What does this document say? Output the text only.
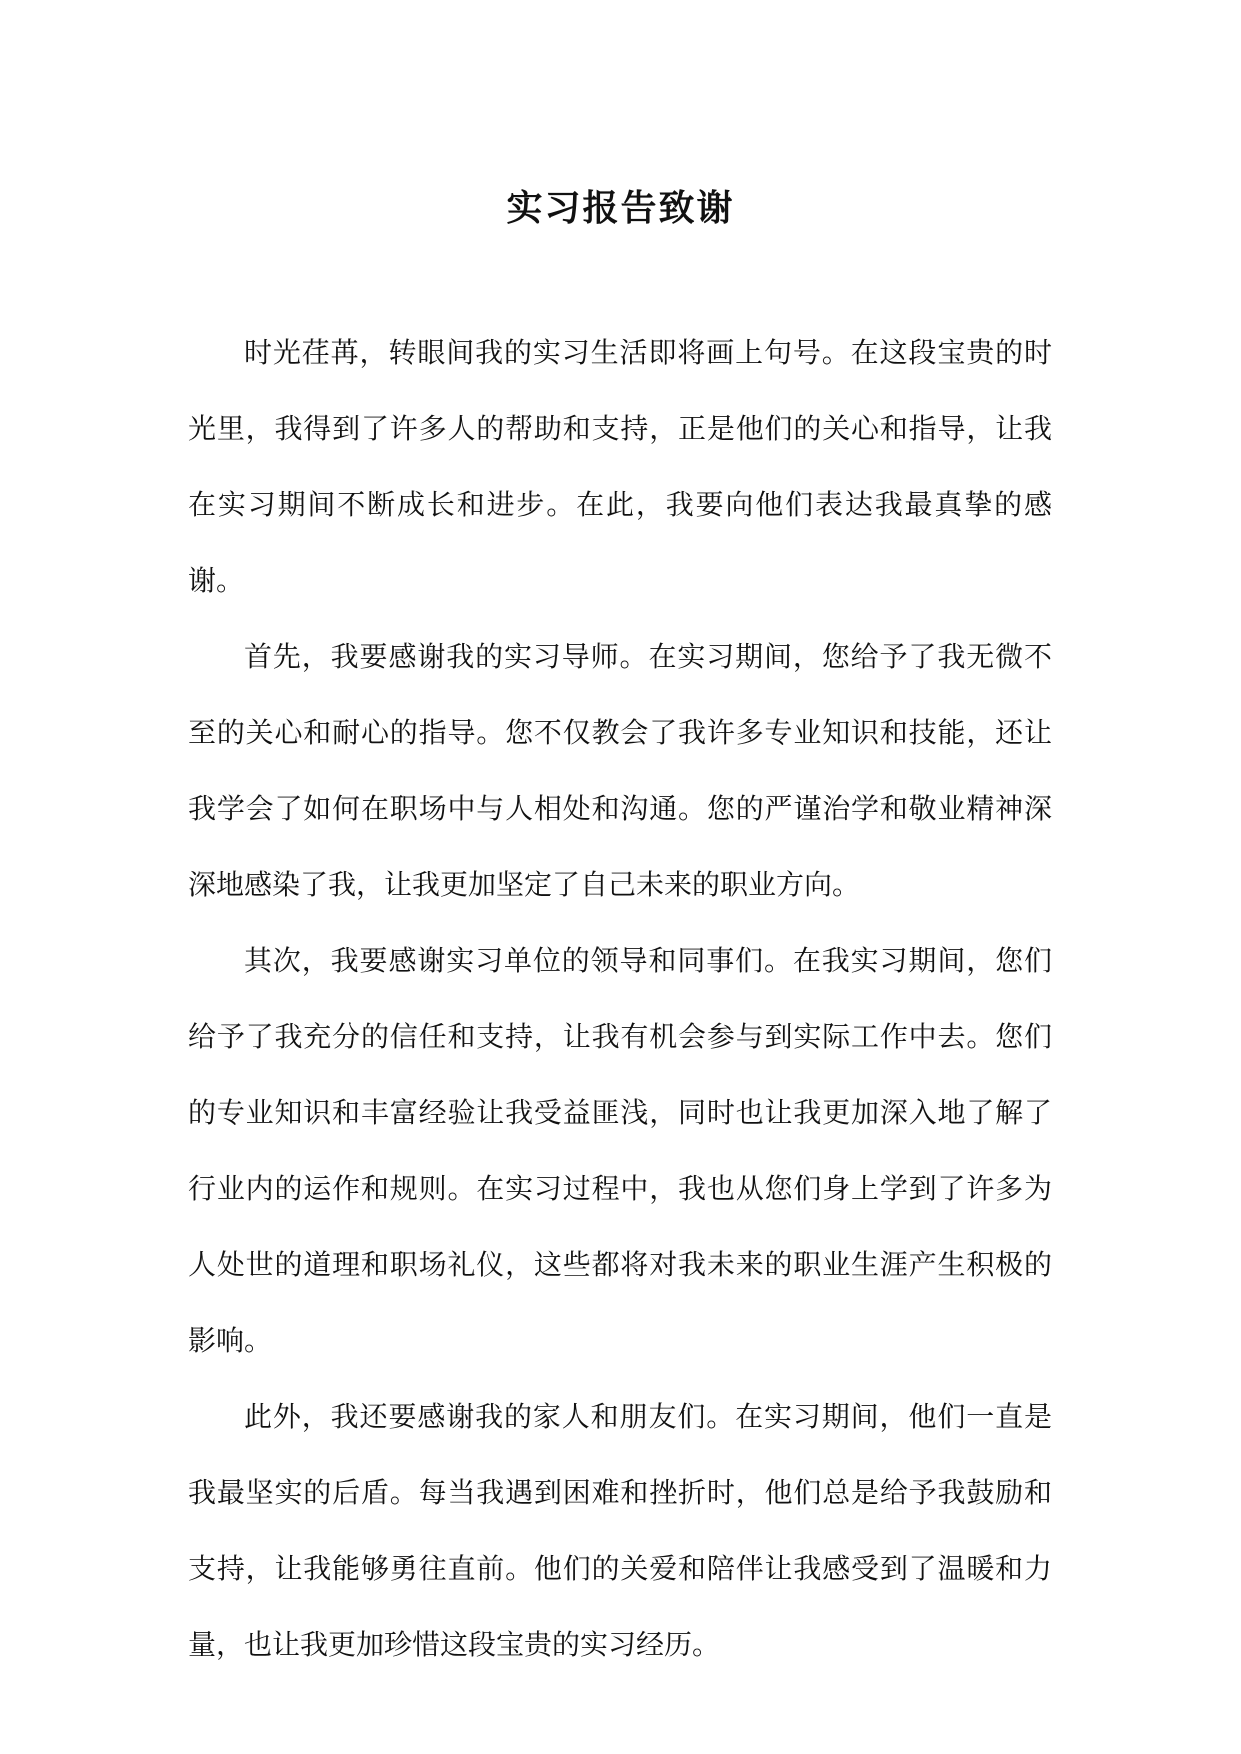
实习报告致谢

时光荏苒，转眼间我的实习生活即将画上句号。在这段宝贵的时光里，我得到了许多人的帮助和支持，正是他们的关心和指导，让我在实习期间不断成长和进步。在此，我要向他们表达我最真挚的感谢。

首先，我要感谢我的实习导师。在实习期间，您给予了我无微不至的关心和耐心的指导。您不仅教会了我许多专业知识和技能，还让我学会了如何在职场中与人相处和沟通。您的严谨治学和敬业精神深深地感染了我，让我更加坚定了自己未来的职业方向。

其次，我要感谢实习单位的领导和同事们。在我实习期间，您们给予了我充分的信任和支持，让我有机会参与到实际工作中去。您们的专业知识和丰富经验让我受益匪浅，同时也让我更加深入地了解了行业内的运作和规则。在实习过程中，我也从您们身上学到了许多为人处世的道理和职场礼仪，这些都将对我未来的职业生涯产生积极的影响。

此外，我还要感谢我的家人和朋友们。在实习期间，他们一直是我最坚实的后盾。每当我遇到困难和挫折时，他们总是给予我鼓励和支持，让我能够勇往直前。他们的关爱和陪伴让我感受到了温暖和力量，也让我更加珍惜这段宝贵的实习经历。
